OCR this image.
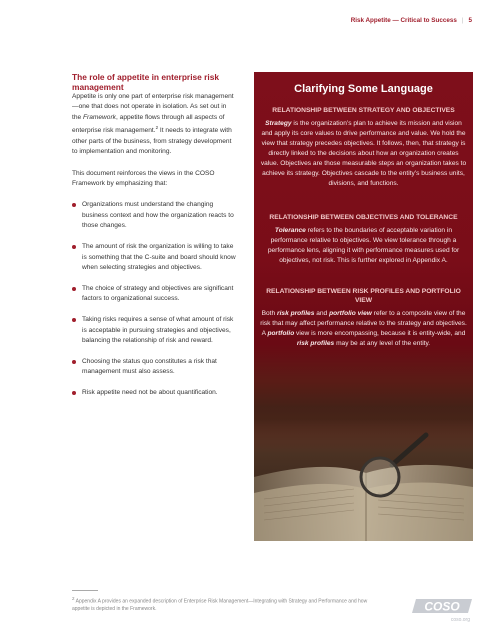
Risk Appetite — Critical to Success | 5
The role of appetite in enterprise risk management

Appetite is only one part of enterprise risk management—one that does not operate in isolation. As set out in the Framework, appetite flows through all aspects of enterprise risk management.$^2$ It needs to integrate with other parts of the business, from strategy development to implementation and monitoring.

This document reinforces the views in the COSO Framework by emphasizing that:

Organizations must understand the changing business context and how the organization reacts to those changes.
The amount of risk the organization is willing to take is something that the C-suite and board should know when selecting strategies and objectives.
The choice of strategy and objectives are significant factors to organizational success.
Taking risks requires a sense of what amount of risk is acceptable in pursuing strategies and objectives, balancing the relationship of risk and reward.
Choosing the status quo constitutes a risk that management must also assess.
Risk appetite need not be about quantification.
Clarifying Some Language
RELATIONSHIP BETWEEN STRATEGY AND OBJECTIVES

Strategy is the organization’s plan to achieve its mission and vision and apply its core values to drive performance and value. We hold the view that strategy precedes objectives. It follows, then, that strategy is directly linked to the decisions about how an organization creates value. Objectives are those measurable steps an organization takes to achieve its strategy. Objectives cascade to the entity’s business units, divisions, and functions.

RELATIONSHIP BETWEEN OBJECTIVES AND TOLERANCE

Tolerance refers to the boundaries of acceptable variation in performance relative to objectives. We view tolerance through a performance lens, aligning it with performance measures used for objectives, not risk. This is further explored in Appendix A.

RELATIONSHIP BETWEEN RISK PROFILES AND PORTFOLIO VIEW

Both risk profiles and portfolio view refer to a composite view of the risk that may affect performance relative to the strategy and objectives. A portfolio view is more encompassing, because it is entity-wide, and risk profiles may be at any level of the entity.

$^2$ Appendix A provides an expanded description of Enterprise Risk Management—Integrating with Strategy and Performance and how appetite is depicted in the Framework.	COSO
coso.org
